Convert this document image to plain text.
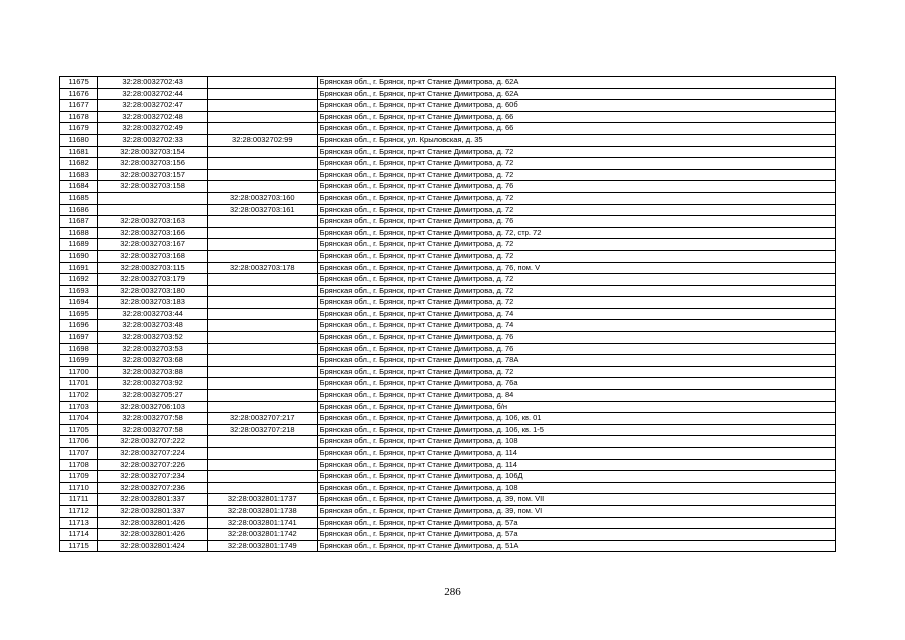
11675	32:28:0032702:43		Брянская обл., г. Брянск, пр-кт Станке Димитрова, д. 62А
11676	32:28:0032702:44		Брянская обл., г. Брянск, пр-кт Станке Димитрова, д. 62А
11677	32:28:0032702:47		Брянская обл., г. Брянск, пр-кт Станке Димитрова, д. 60б
11678	32:28:0032702:48		Брянская обл., г. Брянск, пр-кт Станке Димитрова, д. 66
11679	32:28:0032702:49		Брянская обл., г. Брянск, пр-кт Станке Димитрова, д. 66
11680	32:28:0032702:33	32:28:0032702:99	Брянская обл., г. Брянск, ул. Крыловская, д. 35
11681	32:28:0032703:154		Брянская обл., г. Брянск, пр-кт Станке Димитрова, д. 72
11682	32:28:0032703:156		Брянская обл., г. Брянск, пр-кт Станке Димитрова, д. 72
11683	32:28:0032703:157		Брянская обл., г. Брянск, пр-кт Станке Димитрова, д. 72
11684	32:28:0032703:158		Брянская обл., г. Брянск, пр-кт Станке Димитрова, д. 76
11685		32:28:0032703:160	Брянская обл., г. Брянск, пр-кт Станке Димитрова, д. 72
11686		32:28:0032703:161	Брянская обл., г. Брянск, пр-кт Станке Димитрова, д. 72
11687	32:28:0032703:163		Брянская обл., г. Брянск, пр-кт Станке Димитрова, д. 76
11688	32:28:0032703:166		Брянская обл., г. Брянск, пр-кт Станке Димитрова, д. 72, стр. 72
11689	32:28:0032703:167		Брянская обл., г. Брянск, пр-кт Станке Димитрова, д. 72
11690	32:28:0032703:168		Брянская обл., г. Брянск, пр-кт Станке Димитрова, д. 72
11691	32:28:0032703:115	32:28:0032703:178	Брянская обл., г. Брянск, пр-кт Станке Димитрова, д. 76, пом. V
11692	32:28:0032703:179		Брянская обл., г. Брянск, пр-кт Станке Димитрова, д. 72
11693	32:28:0032703:180		Брянская обл., г. Брянск, пр-кт Станке Димитрова, д. 72
11694	32:28:0032703:183		Брянская обл., г. Брянск, пр-кт Станке Димитрова, д. 72
11695	32:28:0032703:44		Брянская обл., г. Брянск, пр-кт Станке Димитрова, д. 74
11696	32:28:0032703:48		Брянская обл., г. Брянск, пр-кт Станке Димитрова, д. 74
11697	32:28:0032703:52		Брянская обл., г. Брянск, пр-кт Станке Димитрова, д. 76
11698	32:28:0032703:53		Брянская обл., г. Брянск, пр-кт Станке Димитрова, д. 76
11699	32:28:0032703:68		Брянская обл., г. Брянск, пр-кт Станке Димитрова, д. 78А
11700	32:28:0032703:88		Брянская обл., г. Брянск, пр-кт Станке Димитрова, д. 72
11701	32:28:0032703:92		Брянская обл., г. Брянск, пр-кт Станке Димитрова, д. 76а
11702	32:28:0032705:27		Брянская обл., г. Брянск, пр-кт Станке Димитрова, д. 84
11703	32:28:0032706:103		Брянская обл., г. Брянск, пр-кт Станке Димитрова, б/н
11704	32:28:0032707:58	32:28:0032707:217	Брянская обл., г. Брянск, пр-кт Станке Димитрова, д. 106, кв. 01
11705	32:28:0032707:58	32:28:0032707:218	Брянская обл., г. Брянск, пр-кт Станке Димитрова, д. 106, кв. 1-5
11706	32:28:0032707:222		Брянская обл., г. Брянск, пр-кт Станке Димитрова, д. 108
11707	32:28:0032707:224		Брянская обл., г. Брянск, пр-кт Станке Димитрова, д. 114
11708	32:28:0032707:226		Брянская обл., г. Брянск, пр-кт Станке Димитрова, д. 114
11709	32:28:0032707:234		Брянская обл., г. Брянск, пр-кт Станке Димитрова, д. 106Д
11710	32:28:0032707:236		Брянская обл., г. Брянск, пр-кт Станке Димитрова, д. 108
11711	32:28:0032801:337	32:28:0032801:1737	Брянская обл., г. Брянск, пр-кт Станке Димитрова, д. 39, пом. VII
11712	32:28:0032801:337	32:28:0032801:1738	Брянская обл., г. Брянск, пр-кт Станке Димитрова, д. 39, пом. VI
11713	32:28:0032801:426	32:28:0032801:1741	Брянская обл., г. Брянск, пр-кт Станке Димитрова, д. 57а
11714	32:28:0032801:426	32:28:0032801:1742	Брянская обл., г. Брянск, пр-кт Станке Димитрова, д. 57а
11715	32:28:0032801:424	32:28:0032801:1749	Брянская обл., г. Брянск, пр-кт Станке Димитрова, д. 51А
286
